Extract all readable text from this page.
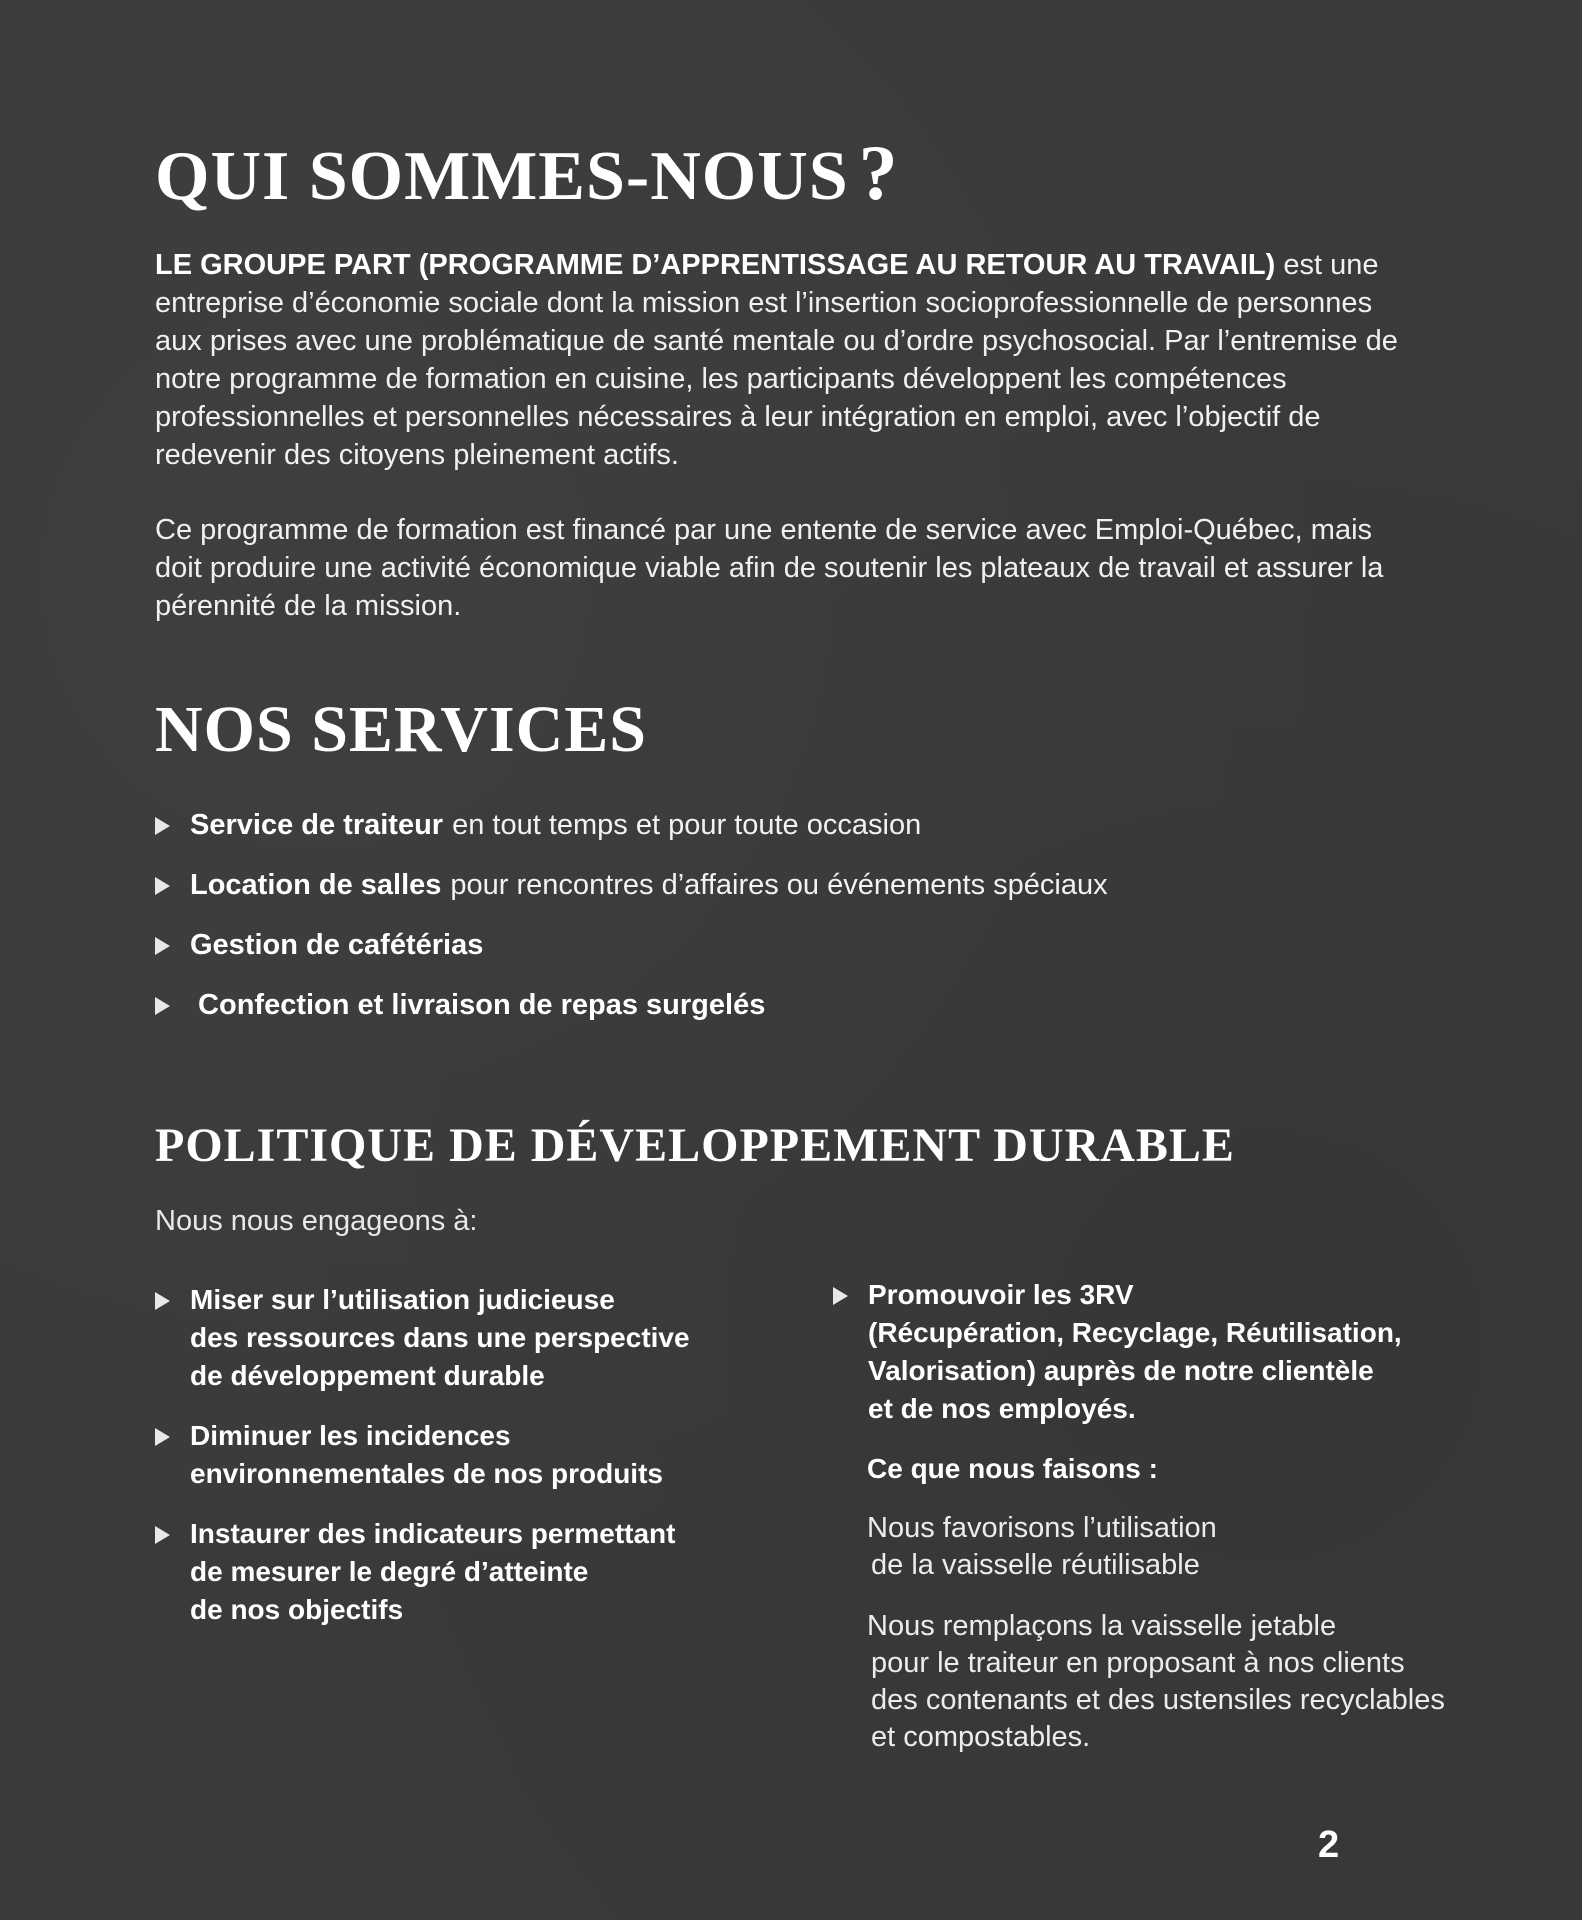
QUI SOMMES-NOUS ?

LE GROUPE PART (PROGRAMME D’APPRENTISSAGE AU RETOUR AU TRAVAIL) est une entreprise d’économie sociale dont la mission est l’insertion socioprofessionnelle de personnes aux prises avec une problématique de santé mentale ou d’ordre psychosocial. Par l’entremise de notre programme de formation en cuisine, les participants développent les compétences professionnelles et personnelles nécessaires à leur intégration en emploi, avec l’objectif de redevenir des citoyens pleinement actifs.

Ce programme de formation est financé par une entente de service avec Emploi-Québec, mais doit produire une activité économique viable afin de soutenir les plateaux de travail et assurer la pérennité de la mission.

NOS SERVICES
Service de traiteur en tout temps et pour toute occasion
Location de salles pour rencontres d’affaires ou événements spéciaux
Gestion de cafétérias
Confection et livraison de repas surgelés
POLITIQUE DE DÉVELOPPEMENT DURABLE

Nous nous engageons à:

Miser sur l’utilisation judicieuse
des ressources dans une perspective
de développement durable
Diminuer les incidences
environnementales de nos produits
Instaurer des indicateurs permettant
de mesurer le degré d’atteinte
de nos objectifs
Promouvoir les 3RV
(Récupération, Recyclage, Réutilisation,
Valorisation) auprès de notre clientèle
et de nos employés.

Ce que nous faisons :

Nous favorisons l’utilisation
de la vaisselle réutilisable

Nous remplaçons la vaisselle jetable
pour le traiteur en proposant à nos clients
des contenants et des ustensiles recyclables
et compostables.

2
